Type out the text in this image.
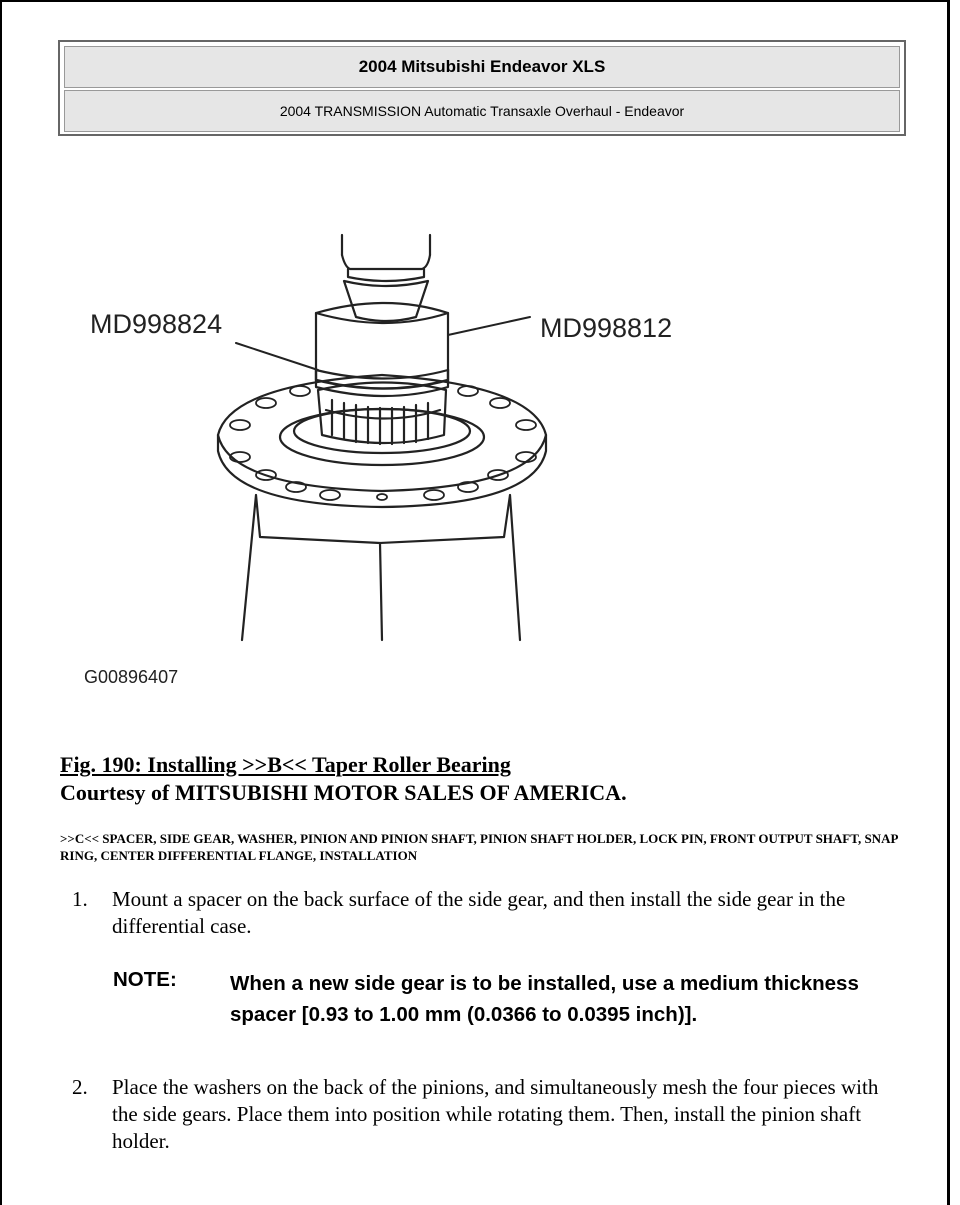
2004 Mitsubishi Endeavor XLS
2004 TRANSMISSION Automatic Transaxle Overhaul - Endeavor
MD998824	MD998812
G00896407
Fig. 190: Installing >>B<< Taper Roller Bearing
Courtesy of MITSUBISHI MOTOR SALES OF AMERICA.
>>C<< SPACER, SIDE GEAR, WASHER, PINION AND PINION SHAFT, PINION SHAFT HOLDER, LOCK PIN, FRONT OUTPUT SHAFT, SNAP RING, CENTER DIFFERENTIAL FLANGE, INSTALLATION
1. Mount a spacer on the back surface of the side gear, and then install the side gear in the differential case.
NOTE:	When a new side gear is to be installed, use a medium thickness spacer [0.93 to 1.00 mm (0.0366 to 0.0395 inch)].
2. Place the washers on the back of the pinions, and simultaneously mesh the four pieces with the side gears. Place them into position while rotating them. Then, install the pinion shaft holder.
